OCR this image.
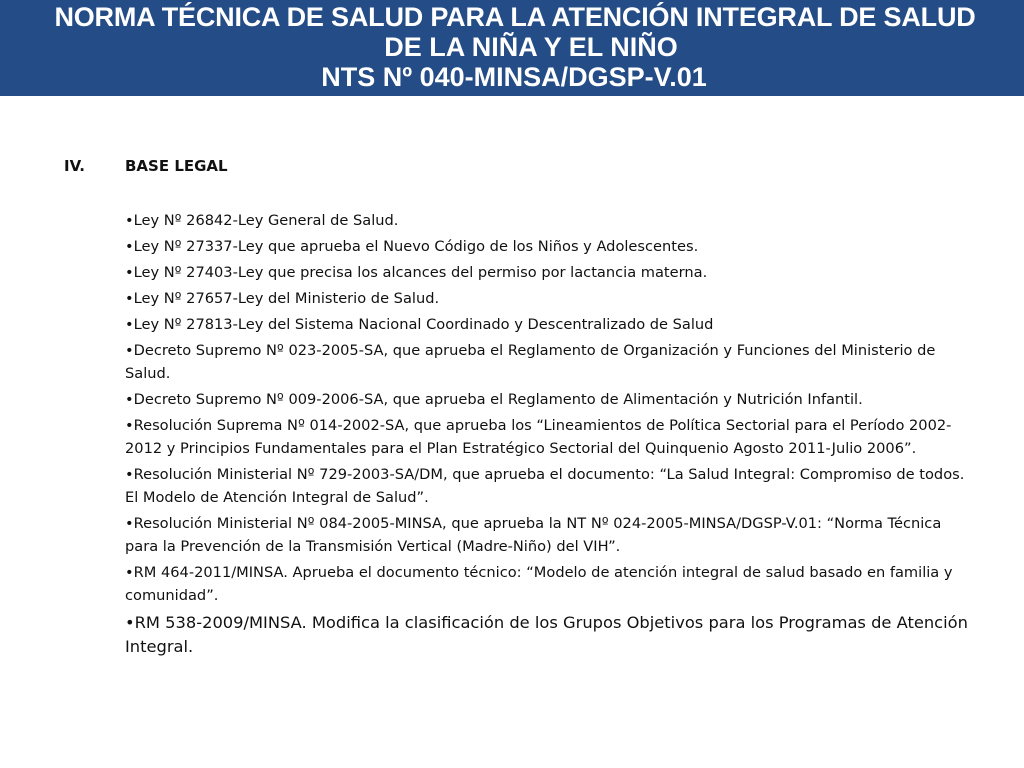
NORMA TÉCNICA DE SALUD PARA LA ATENCIÓN INTEGRAL DE SALUD
DE LA NIÑA Y EL NIÑO
NTS Nº 040-MINSA/DGSP-V.01
IV.	BASE LEGAL
•Ley Nº 26842-Ley General de Salud.
•Ley Nº 27337-Ley que aprueba el Nuevo Código de los Niños y Adolescentes.
•Ley Nº 27403-Ley que precisa los alcances del permiso por lactancia materna.
•Ley Nº 27657-Ley del Ministerio de Salud.
•Ley Nº 27813-Ley del Sistema Nacional Coordinado y Descentralizado de Salud
•Decreto Supremo Nº 023-2005-SA, que aprueba el Reglamento de Organización y Funciones del Ministerio de Salud.
•Decreto Supremo Nº 009-2006-SA, que aprueba el Reglamento de Alimentación y Nutrición Infantil.
•Resolución Suprema Nº 014-2002-SA, que aprueba los “Lineamientos de Política Sectorial para el Período 2002-2012 y Principios Fundamentales para el Plan Estratégico Sectorial del Quinquenio Agosto 2011-Julio 2006”.
•Resolución Ministerial Nº 729-2003-SA/DM, que aprueba el documento: “La Salud Integral: Compromiso de todos. El Modelo de Atención Integral de Salud”.
•Resolución Ministerial Nº 084-2005-MINSA, que aprueba la NT Nº 024-2005-MINSA/DGSP-V.01: “Norma Técnica para la Prevención de la Transmisión Vertical (Madre-Niño) del VIH”.
•RM 464-2011/MINSA. Aprueba el documento técnico: “Modelo de atención integral de salud basado en familia y comunidad”.
•RM 538-2009/MINSA. Modifica la clasificación de los Grupos Objetivos para los Programas de Atención Integral.
